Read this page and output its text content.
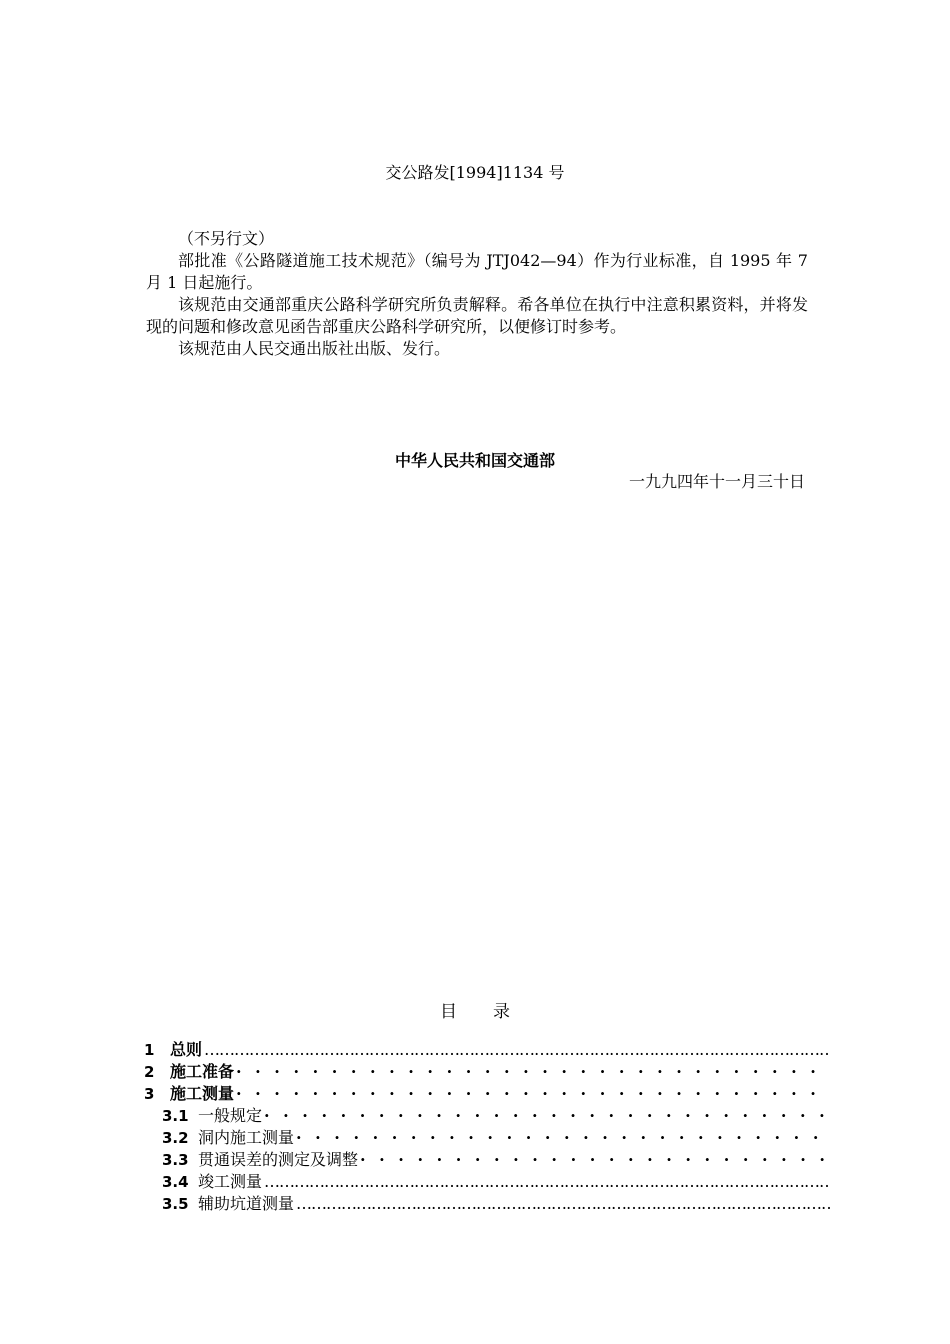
交公路发[1994]1134 号

（不另行文）

部批准《公路隧道施工技术规范》（编号为 JTJ042—94）作为行业标准，自 1995 年 7 月 1 日起施行。

该规范由交通部重庆公路科学研究所负责解释。希各单位在执行中注意积累资料，并将发现的问题和修改意见函告部重庆公路科学研究所，以便修订时参考。

该规范由人民交通出版社出版、发行。

中华人民共和国交通部
一九九四年十一月三十日
目录
1 总则
……………………………………………………………………………………………………………………………………
2 施工准备
· · ·
3 施工测量
· · ·
3.1 一般规定
· · ·
3.2 洞内施工测量
· · ·
3.3 贯通误差的测定及调整
· · ·
3.4 竣工测量
……………………………………………………………………………………………………………………………………
3.5 辅助坑道测量
……………………………………………………………………………………………………………………………………
